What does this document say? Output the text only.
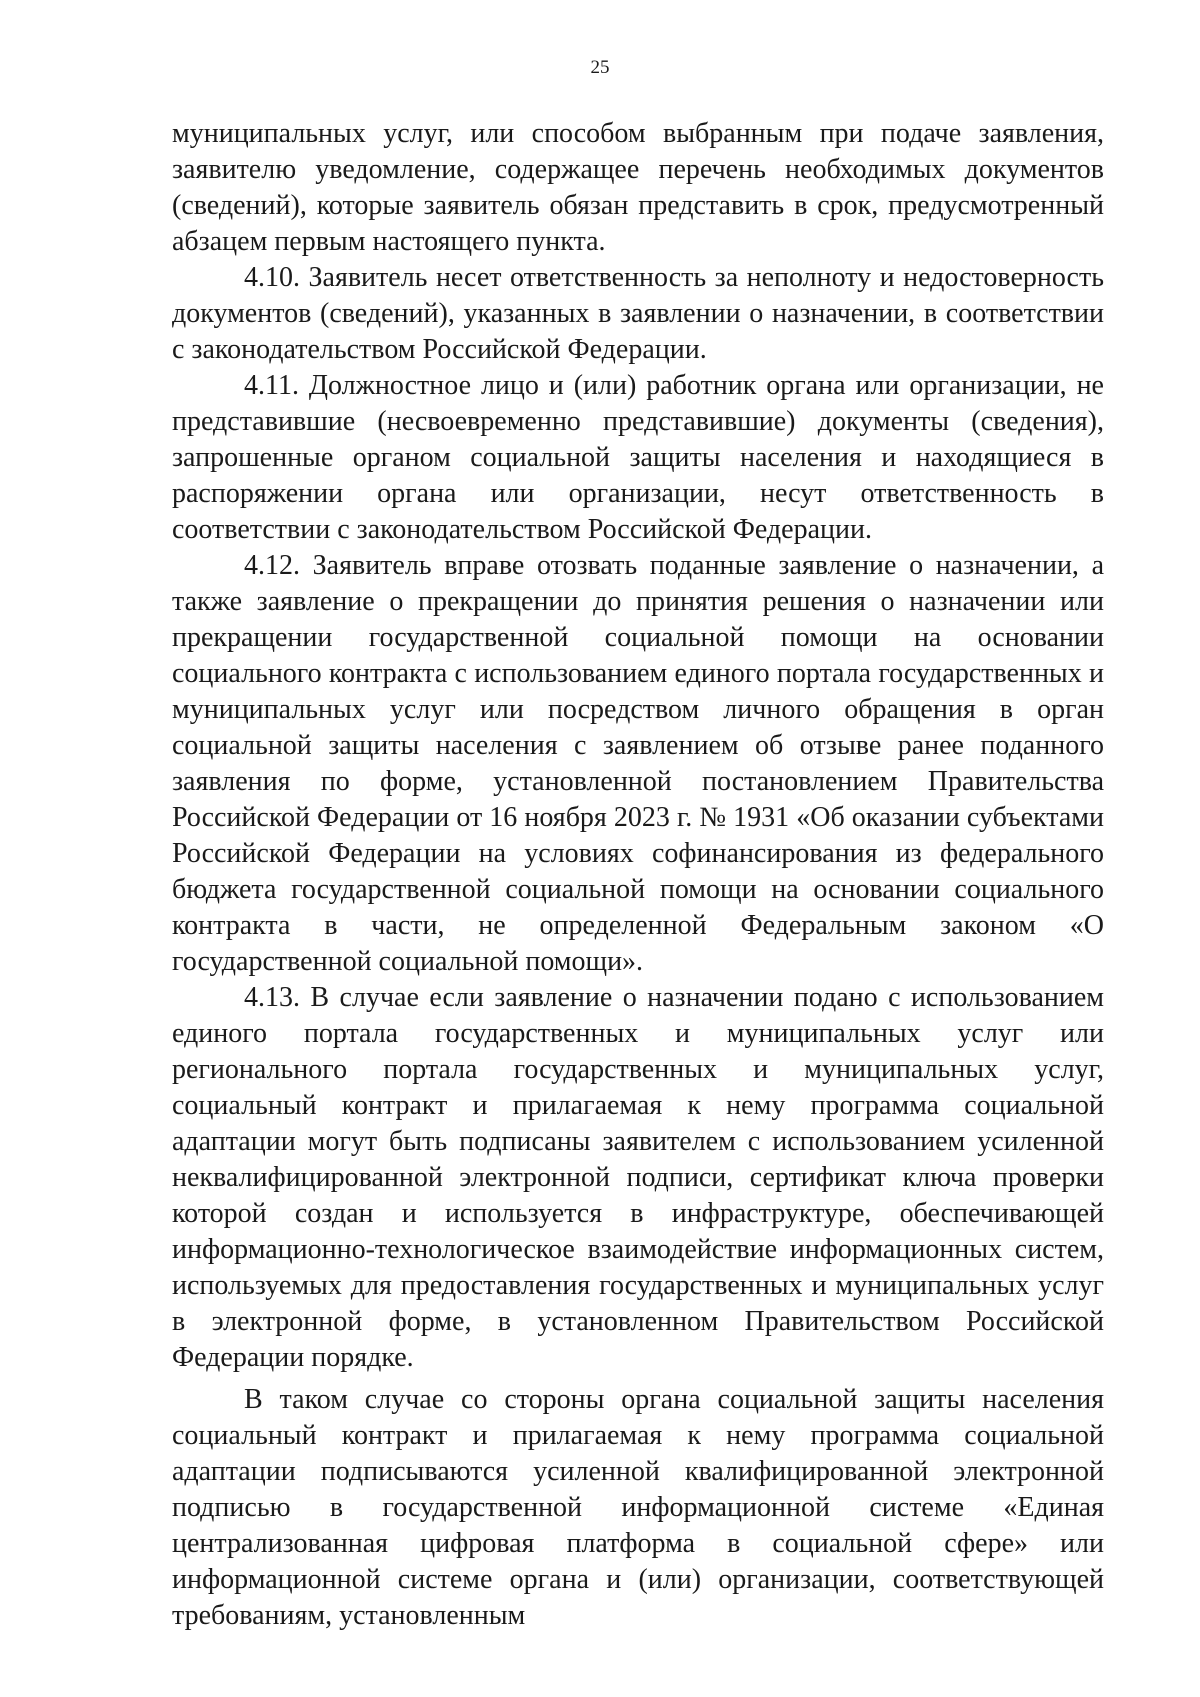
25

муниципальных услуг, или способом выбранным при подаче заявления, заявителю уведомление, содержащее перечень необходимых документов (сведений), которые заявитель обязан представить в срок, предусмотренный абзацем первым настоящего пункта.

4.10. Заявитель несет ответственность за неполноту и недостоверность документов (сведений), указанных в заявлении о назначении, в соответствии с законодательством Российской Федерации.

4.11. Должностное лицо и (или) работник органа или организации, не представившие (несвоевременно представившие) документы (сведения), запрошенные органом социальной защиты населения и находящиеся в распоряжении органа или организации, несут ответственность в соответствии с законодательством Российской Федерации.

4.12. Заявитель вправе отозвать поданные заявление о назначении, а также заявление о прекращении до принятия решения о назначении или прекращении государственной социальной помощи на основании социального контракта с использованием единого портала государственных и муниципальных услуг или посредством личного обращения в орган социальной защиты населения с заявлением об отзыве ранее поданного заявления по форме, установленной постановлением Правительства Российской Федерации от 16 ноября 2023 г. № 1931 «Об оказании субъектами Российской Федерации на условиях софинансирования из федерального бюджета государственной социальной помощи на основании социального контракта в части, не определенной Федеральным законом «О государственной социальной помощи».

4.13. В случае если заявление о назначении подано с использованием единого портала государственных и муниципальных услуг или регионального портала государственных и муниципальных услуг, социальный контракт и прилагаемая к нему программа социальной адаптации могут быть подписаны заявителем с использованием усиленной неквалифицированной электронной подписи, сертификат ключа проверки которой создан и используется в инфраструктуре, обеспечивающей информационно-технологическое взаимодействие информационных систем, используемых для предоставления государственных и муниципальных услуг в электронной форме, в установленном Правительством Российской Федерации порядке.

В таком случае со стороны органа социальной защиты населения социальный контракт и прилагаемая к нему программа социальной адаптации подписываются усиленной квалифицированной электронной подписью в государственной информационной системе «Единая централизованная цифровая платформа в социальной сфере» или информационной системе органа и (или) организации, соответствующей требованиям, установленным
